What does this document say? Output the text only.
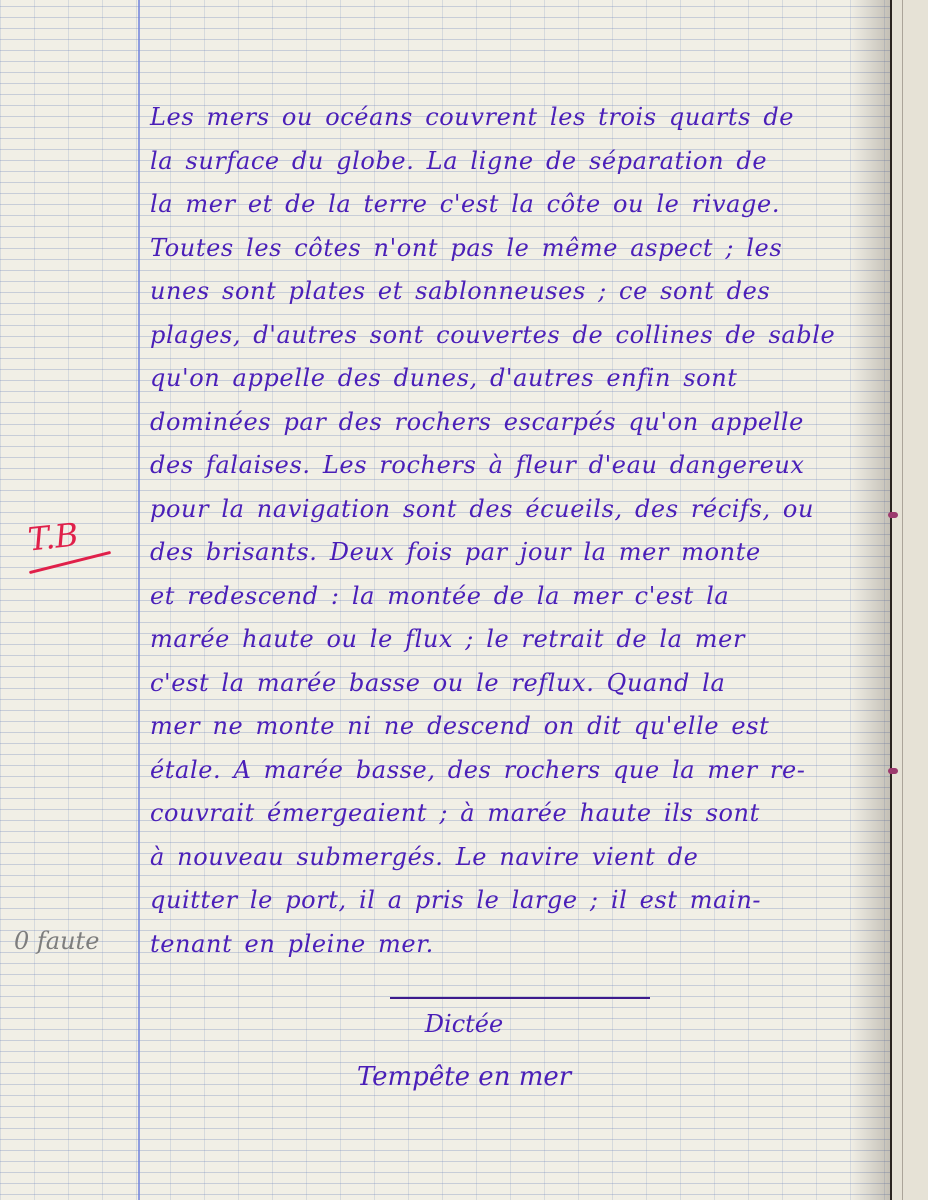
Les mers ou océans couvrent les trois quarts de
la surface du globe. La ligne de séparation de
la mer et de la terre c'est la côte ou le rivage.
Toutes les côtes n'ont pas le même aspect ; les
unes sont plates et sablonneuses ; ce sont des
plages, d'autres sont couvertes de collines de sable
qu'on appelle des dunes, d'autres enfin sont
dominées par des rochers escarpés qu'on appelle
des falaises. Les rochers à fleur d'eau dangereux
pour la navigation sont des écueils, des récifs, ou
des brisants. Deux fois par jour la mer monte
et redescend : la montée de la mer c'est la
marée haute ou le flux ; le retrait de la mer
c'est la marée basse ou le reflux. Quand la
mer ne monte ni ne descend on dit qu'elle est
étale. A marée basse, des rochers que la mer re-
couvrait émergeaient ; à marée haute ils sont
à nouveau submergés. Le navire vient de
quitter le port, il a pris le large ; il est main-
tenant en pleine mer.
Dictée
Tempête en mer
T.B
0 faute
